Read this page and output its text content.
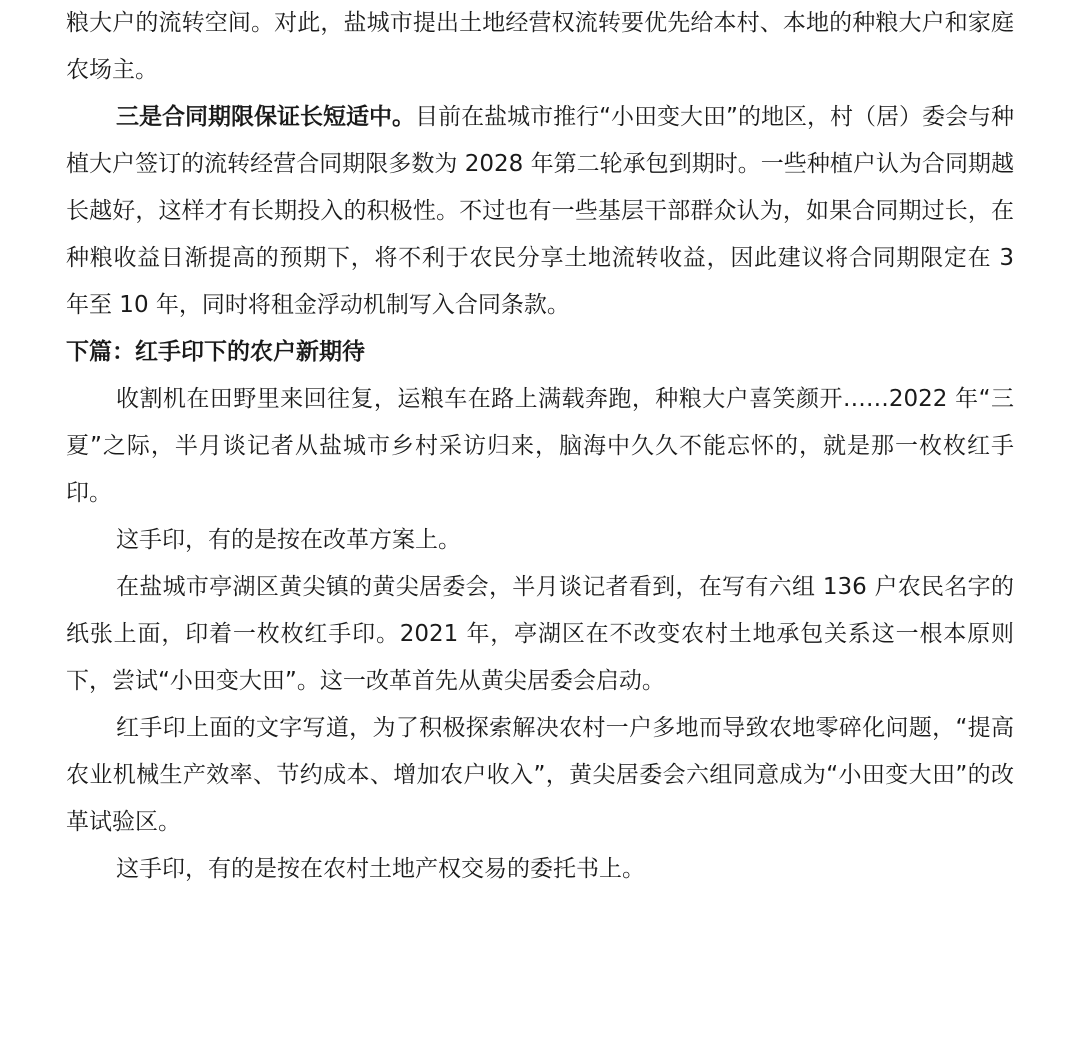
粮大户的流转空间。对此，盐城市提出土地经营权流转要优先给本村、本地的种粮大户和家庭农场主。

三是合同期限保证长短适中。目前在盐城市推行“小田变大田”的地区，村（居）委会与种植大户签订的流转经营合同期限多数为 2028 年第二轮承包到期时。一些种植户认为合同期越长越好，这样才有长期投入的积极性。不过也有一些基层干部群众认为，如果合同期过长，在种粮收益日渐提高的预期下，将不利于农民分享土地流转收益，因此建议将合同期限定在 3 年至 10 年，同时将租金浮动机制写入合同条款。

下篇：红手印下的农户新期待

收割机在田野里来回往复，运粮车在路上满载奔跑，种粮大户喜笑颜开……2022 年“三夏”之际，半月谈记者从盐城市乡村采访归来，脑海中久久不能忘怀的，就是那一枚枚红手印。

这手印，有的是按在改革方案上。

在盐城市亭湖区黄尖镇的黄尖居委会，半月谈记者看到，在写有六组 136 户农民名字的纸张上面，印着一枚枚红手印。2021 年，亭湖区在不改变农村土地承包关系这一根本原则下，尝试“小田变大田”。这一改革首先从黄尖居委会启动。

红手印上面的文字写道，为了积极探索解决农村一户多地而导致农地零碎化问题，“提高农业机械生产效率、节约成本、增加农户收入”，黄尖居委会六组同意成为“小田变大田”的改革试验区。

这手印，有的是按在农村土地产权交易的委托书上。
